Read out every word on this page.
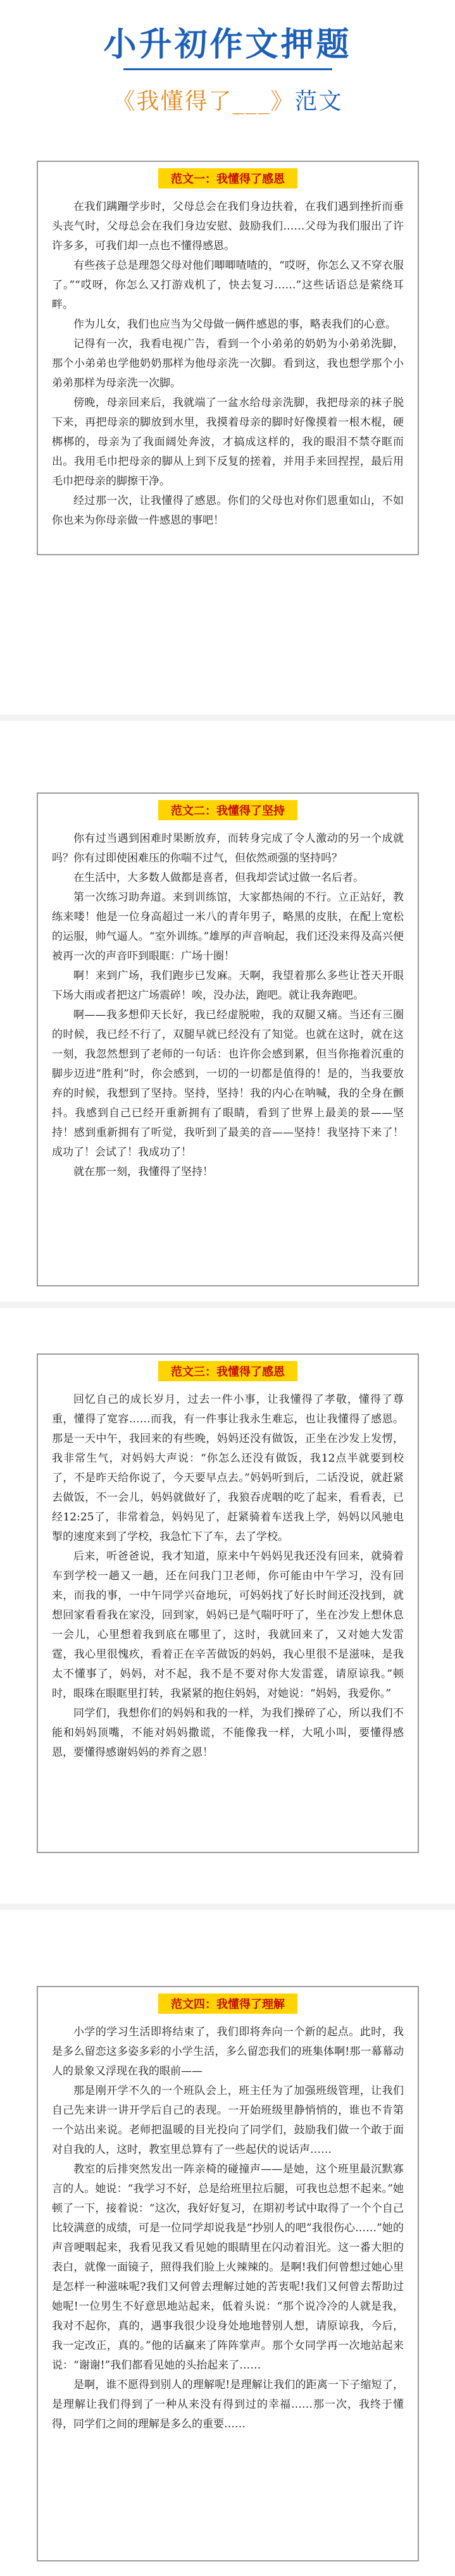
小升初作文押题
《我懂得了___》范文
范文一：我懂得了感恩

在我们蹒跚学步时，父母总会在我们身边扶着，在我们遇到挫折而垂头丧气时，父母总会在我们身边安慰、鼓励我们……父母为我们服出了许许多多，可我们却一点也不懂得感恩。

有些孩子总是理怨父母对他们唧唧喳喳的，“哎呀，你怎么又不穿衣服了。”“哎呀，你怎么又打游戏机了，快去复习……”这些话语总是萦绕耳畔。

作为儿女，我们也应当为父母做一俩件感恩的事，略表我们的心意。

记得有一次，我看电视广告，看到一个小弟弟的奶奶为小弟弟洗脚，那个小弟弟也学他奶奶那样为他母亲洗一次脚。看到这，我也想学那个小弟弟那样为母亲洗一次脚。

傍晚，母亲回来后，我就端了一盆水给母亲洗脚，我把母亲的袜子脱下来，再把母亲的脚放到水里，我摸着母亲的脚时好像摸着一根木棍，硬梆梆的，母亲为了我面阔处奔波，才搞成这样的，我的眼泪不禁夺眶而出。我用毛巾把母亲的脚从上到下反复的搓着，并用手来回捏捏，最后用毛巾把母亲的脚擦干净。

经过那一次，让我懂得了感恩。你们的父母也对你们恩重如山，不如你也来为你母亲做一件感恩的事吧！

范文二：我懂得了坚持

你有过当遇到困难时果断放弃，而转身完成了令人激动的另一个成就吗？你有过即使困难压的你喘不过气，但依然顽强的坚持吗？

在生活中，大多数人做都是喜者，但我却尝试过做一名后者。

第一次练习助奔道。来到训练馆，大家都热闹的不行。立正站好，教练来喽！他是一位身高超过一米八的青年男子，略黑的皮肤，在配上宽松的运服，帅气逼人。“室外训练。”雄厚的声音响起，我们还没来得及高兴便被再一次的声音吓到眼眶：广场十圈！

啊！来到广场，我们跑步已发麻。天啊，我望着那么多些让苍天开眼下场大雨或者把这广场震碎！唉，没办法，跑吧。就让我奔跑吧。

啊——我多想仰天长好，我已经虚脱啦，我的双腿又痛。当还有三圈的时候，我已经不行了，双腿早就已经没有了知觉。也就在这时，就在这一刻，我忽然想到了老师的一句话：也许你会感到累，但当你拖着沉重的脚步迈进“胜利”时，你会感到，一切的一切都是值得的！是的，当我要放弃的时候，我想到了坚持。坚持，坚持！我的内心在呐喊，我的全身在颤抖。我感到自己已经开重新拥有了眼睛，看到了世界上最美的景——坚持！感到重新拥有了听觉，我听到了最美的音——坚持！我坚持下来了！成功了！会试了！我成功了！

就在那一刻，我懂得了坚持！

范文三：我懂得了感恩

回忆自己的成长岁月，过去一件小事，让我懂得了孝敬，懂得了尊重，懂得了宽容……而我，有一件事让我永生难忘，也让我懂得了感恩。那是一天中午，我回来的有些晚，妈妈还没有做饭，正坐在沙发上发愣，我非常生气，对妈妈大声说：“你怎么还没有做饭，我12点半就要到校了，不是昨天给你说了，今天要早点去。”妈妈听到后，二话没说，就赶紧去做饭，不一会儿，妈妈就做好了，我狼吞虎咽的吃了起来，看看表，已经12:25了，非常着急，妈妈见了，赶紧骑着车送我上学，妈妈以风驰电掣的速度来到了学校，我急忙下了车，去了学校。

后来，听爸爸说，我才知道，原来中午妈妈见我还没有回来，就骑着车到学校一趟又一趟，还在问我门卫老师，你可能由中午学习，没有回来，而我的事，一中午同学兴奋地玩，可妈妈找了好长时间还没找到，就想回家看看我在家没，回到家，妈妈已是气喘吁吁了，坐在沙发上想休息一会儿，心里想着我到底在哪里了，这时，我就回来了，又对她大发雷霆，我心里很愧疚，看着正在辛苦做饭的妈妈，我心里很不是滋味，是我太不懂事了，妈妈，对不起，我不是不要对你大发雷霆，请原谅我。”顿时，眼珠在眼眶里打转，我紧紧的抱住妈妈，对她说：“妈妈，我爱你。”

同学们，我想你们的妈妈和我的一样，为我们操碎了心，所以我们不能和妈妈顶嘴，不能对妈妈撒谎，不能像我一样，大吼小叫，要懂得感恩，要懂得感谢妈妈的养育之恩！

范文四：我懂得了理解

小学的学习生活即将结束了，我们即将奔向一个新的起点。此时，我是多么留恋这多姿多彩的小学生活，多么留恋我们的班集体啊!那一幕幕动人的景象又浮现在我的眼前——

那是刚开学不久的一个班队会上，班主任为了加强班级管理，让我们自己先来讲一讲开学后自己的表现。一开始班级里静悄悄的，谁也不肯第一个站出来说。老师把温暖的目光投向了同学们，鼓励我们做一个敢于面对自我的人，这时，教室里总算有了一些起伏的说话声……

教室的后排突然发出一阵亲椅的碰撞声——是她，这个班里最沉默寡言的人。她说：“我学习不好，总是给班里拉后腿，可我也总想不起来。”她顿了一下，接着说：“这次，我好好复习，在期初考试中取得了一个个自己比较满意的成绩，可是一位同学却说我是“抄别人的吧”我很伤心……”她的声音哽咽起来，我看见我又看见她的眼睛里在闪动着泪光。这一番大胆的表白，就像一面镜子，照得我们脸上火辣辣的。是啊!我们何曾想过她心里是怎样一种滋味呢?我们又何曾去理解过她的苦衷呢!我们又何曾去帮助过她呢!一位男生不好意思地站起来，低着头说：“那个说冷冷的人就是我，我对不起你，真的，遇事我很少设身处地地替别人想，请原谅我，今后，我一定改正，真的。”他的话赢来了阵阵掌声。那个女同学再一次地站起来说：“谢谢!”我们都看见她的头抬起来了……

是啊，谁不愿得到别人的理解呢!是理解让我们的距离一下子缩短了，是理解让我们得到了一种从来没有得到过的幸福……那一次，我终于懂得，同学们之间的理解是多么的重要……
